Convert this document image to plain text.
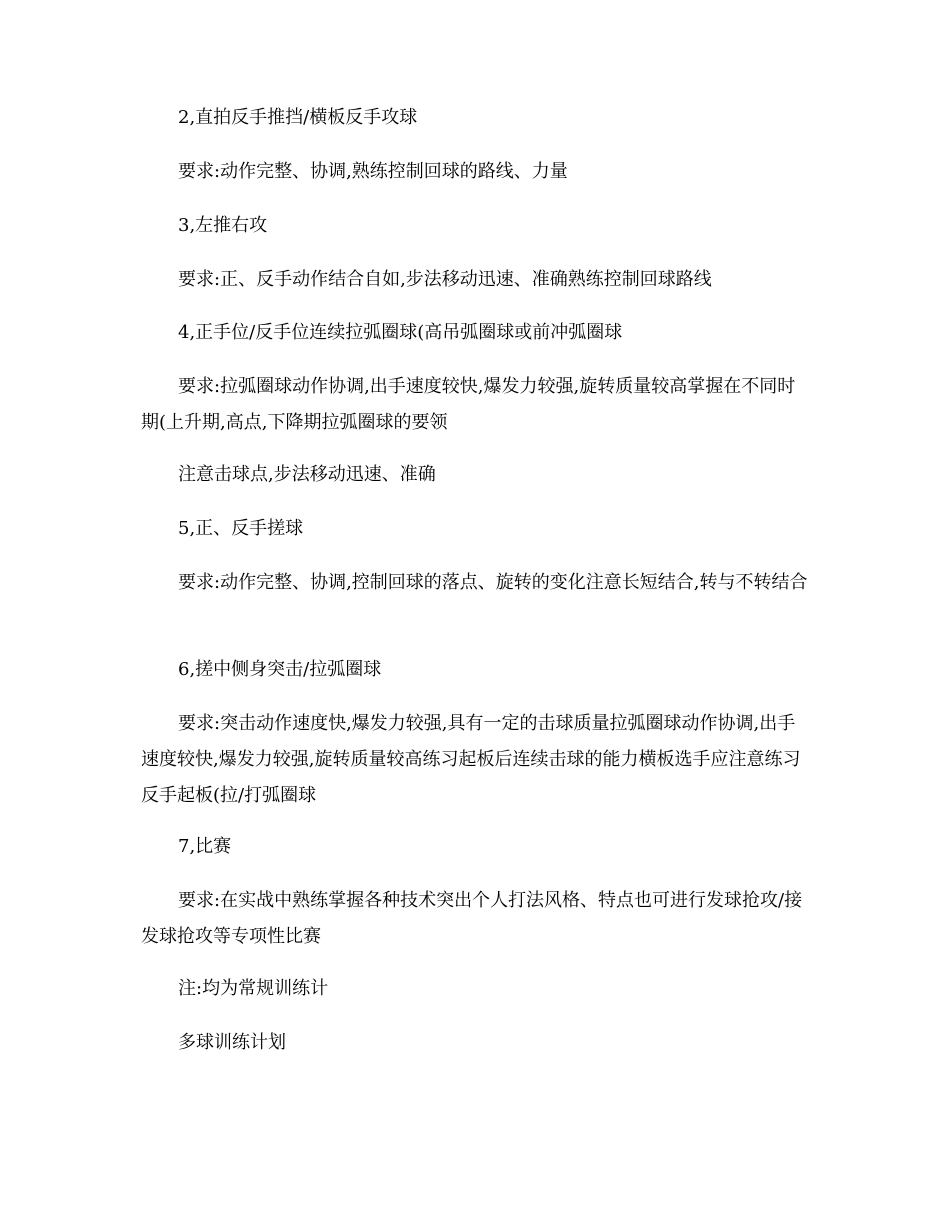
2,直拍反手推挡/横板反手攻球

要求:动作完整、协调,熟练控制回球的路线、力量

3,左推右攻

要求:正、反手动作结合自如,步法移动迅速、准确熟练控制回球路线

4,正手位/反手位连续拉弧圈球(高吊弧圈球或前冲弧圈球

要求:拉弧圈球动作协调,出手速度较快,爆发力较强,旋转质量较高掌握在不同时期(上升期,高点,下降期拉弧圈球的要领

注意击球点,步法移动迅速、准确

5,正、反手搓球

要求:动作完整、协调,控制回球的落点、旋转的变化注意长短结合,转与不转结合

6,搓中侧身突击/拉弧圈球

要求:突击动作速度快,爆发力较强,具有一定的击球质量拉弧圈球动作协调,出手速度较快,爆发力较强,旋转质量较高练习起板后连续击球的能力横板选手应注意练习反手起板(拉/打弧圈球

7,比赛

要求:在实战中熟练掌握各种技术突出个人打法风格、特点也可进行发球抢攻/接发球抢攻等专项性比赛

注:均为常规训练计

多球训练计划
